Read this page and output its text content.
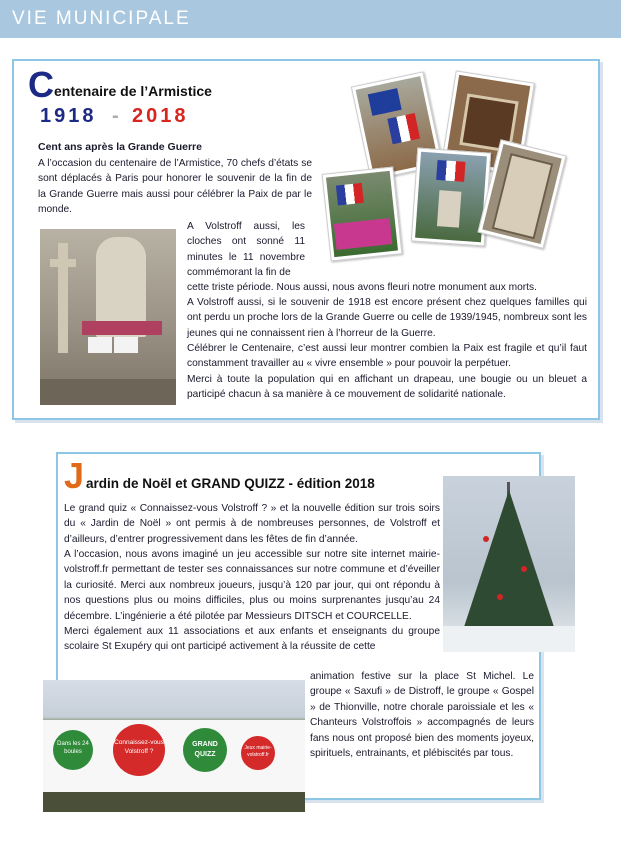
VIE MUNICIPALE
C entenaire de l’Armistice
1918 - 2018
Cent ans après la Grande Guerre
A l’occasion du centenaire de l’Armistice, 70 chefs d’états se sont déplacés à Paris pour honorer le souvenir de la fin de la Grande Guerre mais aussi pour célébrer la Paix de par le monde.
A Volstroff aussi, les cloches ont sonné 11 minutes le 11 novembre commémorant la fin de
cette triste période. Nous aussi, nous avons fleuri notre monument aux morts.
A Volstroff aussi, si le souvenir de 1918 est encore présent chez quelques familles qui ont perdu un proche lors de la Grande Guerre ou celle de 1939/1945, nombreux sont les jeunes qui ne connaissent rien à l’horreur de la Guerre.
Célébrer le Centenaire, c’est aussi leur montrer combien la Paix est fragile et qu’il faut constamment travailler au « vivre ensemble » pour pouvoir la perpétuer.
Merci à toute la population qui en affichant un drapeau, une bougie ou un bleuet a participé chacun à sa manière à ce mouvement de solidarité nationale.
J ardin de Noël et GRAND QUIZZ - édition 2018
Le grand quiz « Connaissez-vous Volstroff ? » et la nouvelle édition sur trois soirs du « Jardin de Noël » ont permis à de nombreuses personnes, de Volstroff et d’ailleurs, d’entrer progressivement dans les fêtes de fin d’année.
A l’occasion, nous avons imaginé un jeu accessible sur notre site internet mairie-volstroff.fr permettant de tester ses connaissances sur notre commune et d’éveiller la curiosité. Merci aux nombreux joueurs, jusqu’à 120 par jour, qui ont répondu à nos questions plus ou moins difficiles, plus ou moins surprenantes jusqu’au 24 décembre. L’ingénierie a été pilotée par Messieurs DITSCH et COURCELLE.
Merci également aux 11 associations et aux enfants et enseignants du groupe scolaire St Exupéry qui ont participé activement à la réussite de cette
animation festive sur la place St Michel. Le groupe « Saxufi » de Distroff, le groupe « Gospel » de Thionville, notre chorale paroissiale et les « Chanteurs Volstroffois » accompagnés de leurs fans nous ont proposé bien des moments joyeux, spirituels, entrainants, et plébiscités par tous.
Dans les 24 boules
Connaissez-vous Volstroff ?
GRAND QUIZZ
Jeux mairie-volstroff.fr
